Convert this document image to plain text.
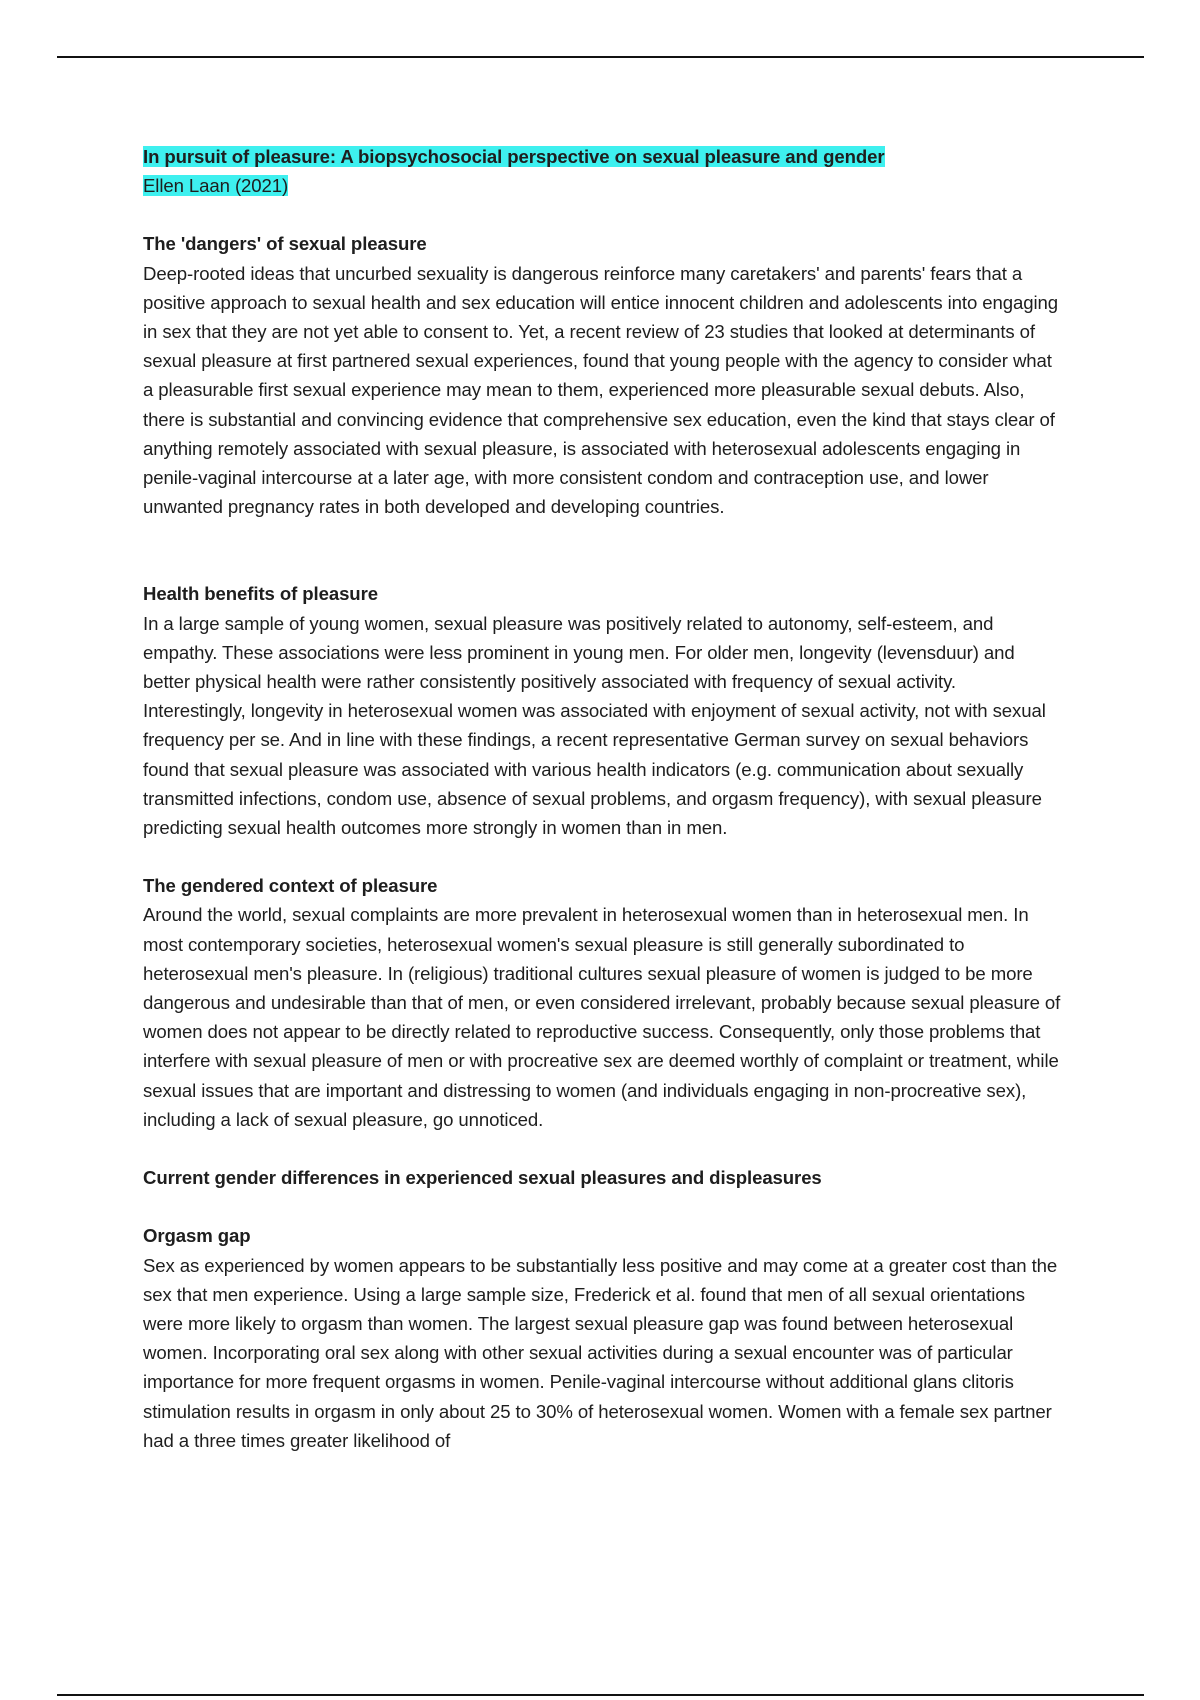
In pursuit of pleasure: A biopsychosocial perspective on sexual pleasure and gender

Ellen Laan (2021)

The 'dangers' of sexual pleasure

Deep-rooted ideas that uncurbed sexuality is dangerous reinforce many caretakers' and parents' fears that a positive approach to sexual health and sex education will entice innocent children and adolescents into engaging in sex that they are not yet able to consent to. Yet, a recent review of 23 studies that looked at determinants of sexual pleasure at first partnered sexual experiences, found that young people with the agency to consider what a pleasurable first sexual experience may mean to them, experienced more pleasurable sexual debuts. Also, there is substantial and convincing evidence that comprehensive sex education, even the kind that stays clear of anything remotely associated with sexual pleasure, is associated with heterosexual adolescents engaging in penile-vaginal intercourse at a later age, with more consistent condom and contraception use, and lower unwanted pregnancy rates in both developed and developing countries.

Health benefits of pleasure

In a large sample of young women, sexual pleasure was positively related to autonomy, self-esteem, and empathy. These associations were less prominent in young men. For older men, longevity (levensduur) and better physical health were rather consistently positively associated with frequency of sexual activity. Interestingly, longevity in heterosexual women was associated with enjoyment of sexual activity, not with sexual frequency per se. And in line with these findings, a recent representative German survey on sexual behaviors found that sexual pleasure was associated with various health indicators (e.g. communication about sexually transmitted infections, condom use, absence of sexual problems, and orgasm frequency), with sexual pleasure predicting sexual health outcomes more strongly in women than in men.

The gendered context of pleasure

Around the world, sexual complaints are more prevalent in heterosexual women than in heterosexual men. In most contemporary societies, heterosexual women's sexual pleasure is still generally subordinated to heterosexual men's pleasure. In (religious) traditional cultures sexual pleasure of women is judged to be more dangerous and undesirable than that of men, or even considered irrelevant, probably because sexual pleasure of women does not appear to be directly related to reproductive success. Consequently, only those problems that interfere with sexual pleasure of men or with procreative sex are deemed worthly of complaint or treatment, while sexual issues that are important and distressing to women (and individuals engaging in non-procreative sex), including a lack of sexual pleasure, go unnoticed.

Current gender differences in experienced sexual pleasures and displeasures
Orgasm gap

Sex as experienced by women appears to be substantially less positive and may come at a greater cost than the sex that men experience. Using a large sample size, Frederick et al. found that men of all sexual orientations were more likely to orgasm than women. The largest sexual pleasure gap was found between heterosexual women. Incorporating oral sex along with other sexual activities during a sexual encounter was of particular importance for more frequent orgasms in women. Penile-vaginal intercourse without additional glans clitoris stimulation results in orgasm in only about 25 to 30% of heterosexual women. Women with a female sex partner had a three times greater likelihood of
